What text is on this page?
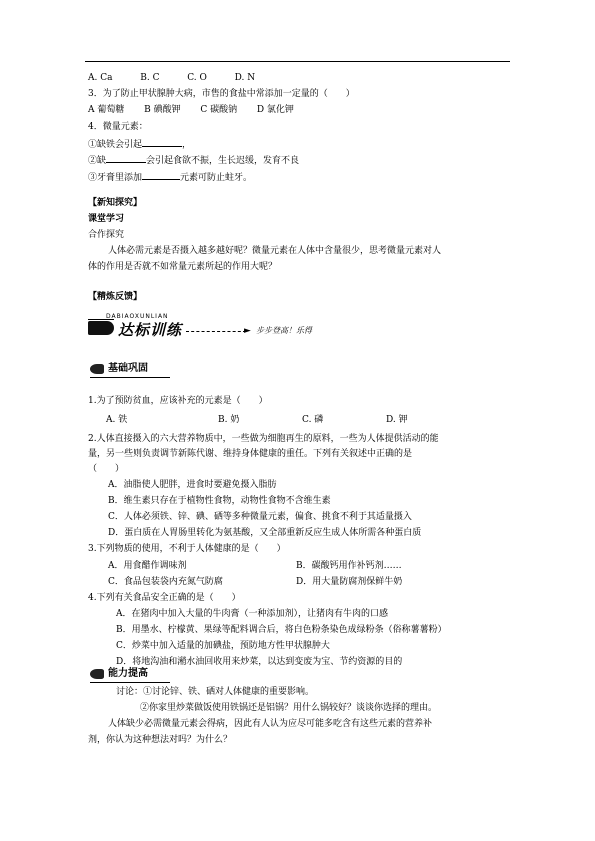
A. Ca	B. C	C. O	D. N
3．为了防止甲状腺肿大病，市售的食盐中常添加一定量的（　　）
A 葡萄糖 B 碘酸钾 C 碳酸钠 D 氯化钾
4．微量元素：
①缺铁会引起	，
②缺	会引起食欲不振，生长迟缓，发育不良
③牙膏里添加	元素可防止蛀牙。
【新知探究】
课堂学习
合作探究
人体必需元素是否摄入越多越好呢？微量元素在人体中含量很少，思考微量元素对人
体的作用是否就不如常量元素所起的作用大呢？
【精炼反馈】
DABIAOXUNLIAN
达标训练	► 步步登高！乐得
基础巩固
1.为了预防贫血，应该补充的元素是（　　）
A. 铁	B. 奶	C. 磷	D. 钾
2.人体直接摄入的六大营养物质中，一些做为细胞再生的原料，一些为人体提供活动的能
量，另一些则负责调节新陈代谢、维持身体健康的重任。下列有关叙述中正确的是
（　　）
A．油脂使人肥胖，进食时要避免摄入脂肪
B．维生素只存在于植物性食物，动物性食物不含维生素
C．人体必须铁、锌、碘、硒等多种微量元素，偏食、挑食不利于其适量摄入
D．蛋白质在人胃肠里转化为氨基酸，又全部重新反应生成人体所需各种蛋白质
3.下列物质的使用，不利于人体健康的是（　　）
A．用食醋作调味剂	B．碳酸钙用作补钙剂……
C．食品包装袋内充氮气防腐	D．用大量防腐剂保鲜牛奶
4.下列有关食品安全正确的是（　　）
A．在猪肉中加入大量的牛肉膏（一种添加剂），让猪肉有牛肉的口感
B．用墨水、柠檬黄、果绿等配料调合后，将白色粉条染色成绿粉条（俗称薯薯粉）
C．炒菜中加入适量的加碘盐，预防地方性甲状腺肿大
D．将地沟油和潲水油回收用来炒菜，以达到变废为宝、节约资源的目的
能力提高
讨论：①讨论锌、铁、硒对人体健康的重要影响。
②你家里炒菜做饭使用铁锅还是铝锅？用什么锅较好？谈谈你选择的理由。
人体缺少必需微量元素会得病，因此有人认为应尽可能多吃含有这些元素的营养补
剂，你认为这种想法对吗？为什么？
